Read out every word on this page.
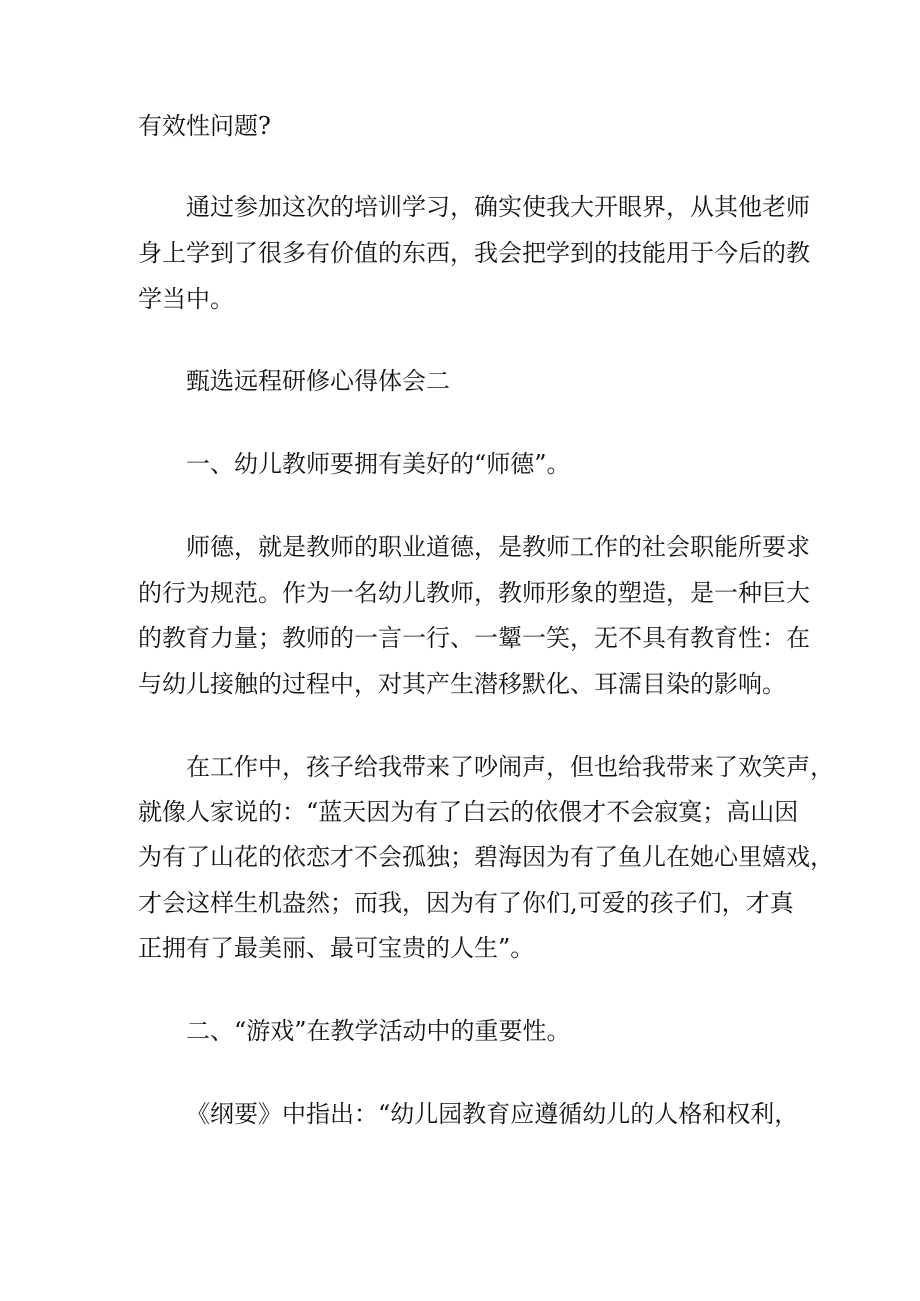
有效性问题?
通过参加这次的培训学习，确实使我大开眼界，从其他老师
身上学到了很多有价值的东西，我会把学到的技能用于今后的教
学当中。
甄选远程研修心得体会二
一、幼儿教师要拥有美好的“师德”。
师德，就是教师的职业道德，是教师工作的社会职能所要求
的行为规范。作为一名幼儿教师，教师形象的塑造，是一种巨大
的教育力量；教师的一言一行、一颦一笑，无不具有教育性：在
与幼儿接触的过程中，对其产生潜移默化、耳濡目染的影响。
在工作中，孩子给我带来了吵闹声，但也给我带来了欢笑声，
就像人家说的：“蓝天因为有了白云的依偎才不会寂寞；高山因
为有了山花的依恋才不会孤独；碧海因为有了鱼儿在她心里嬉戏，
才会这样生机盎然；而我，因为有了你们,可爱的孩子们，才真
正拥有了最美丽、最可宝贵的人生”。
二、“游戏”在教学活动中的重要性。
《纲要》中指出：“幼儿园教育应遵循幼儿的人格和权利，
